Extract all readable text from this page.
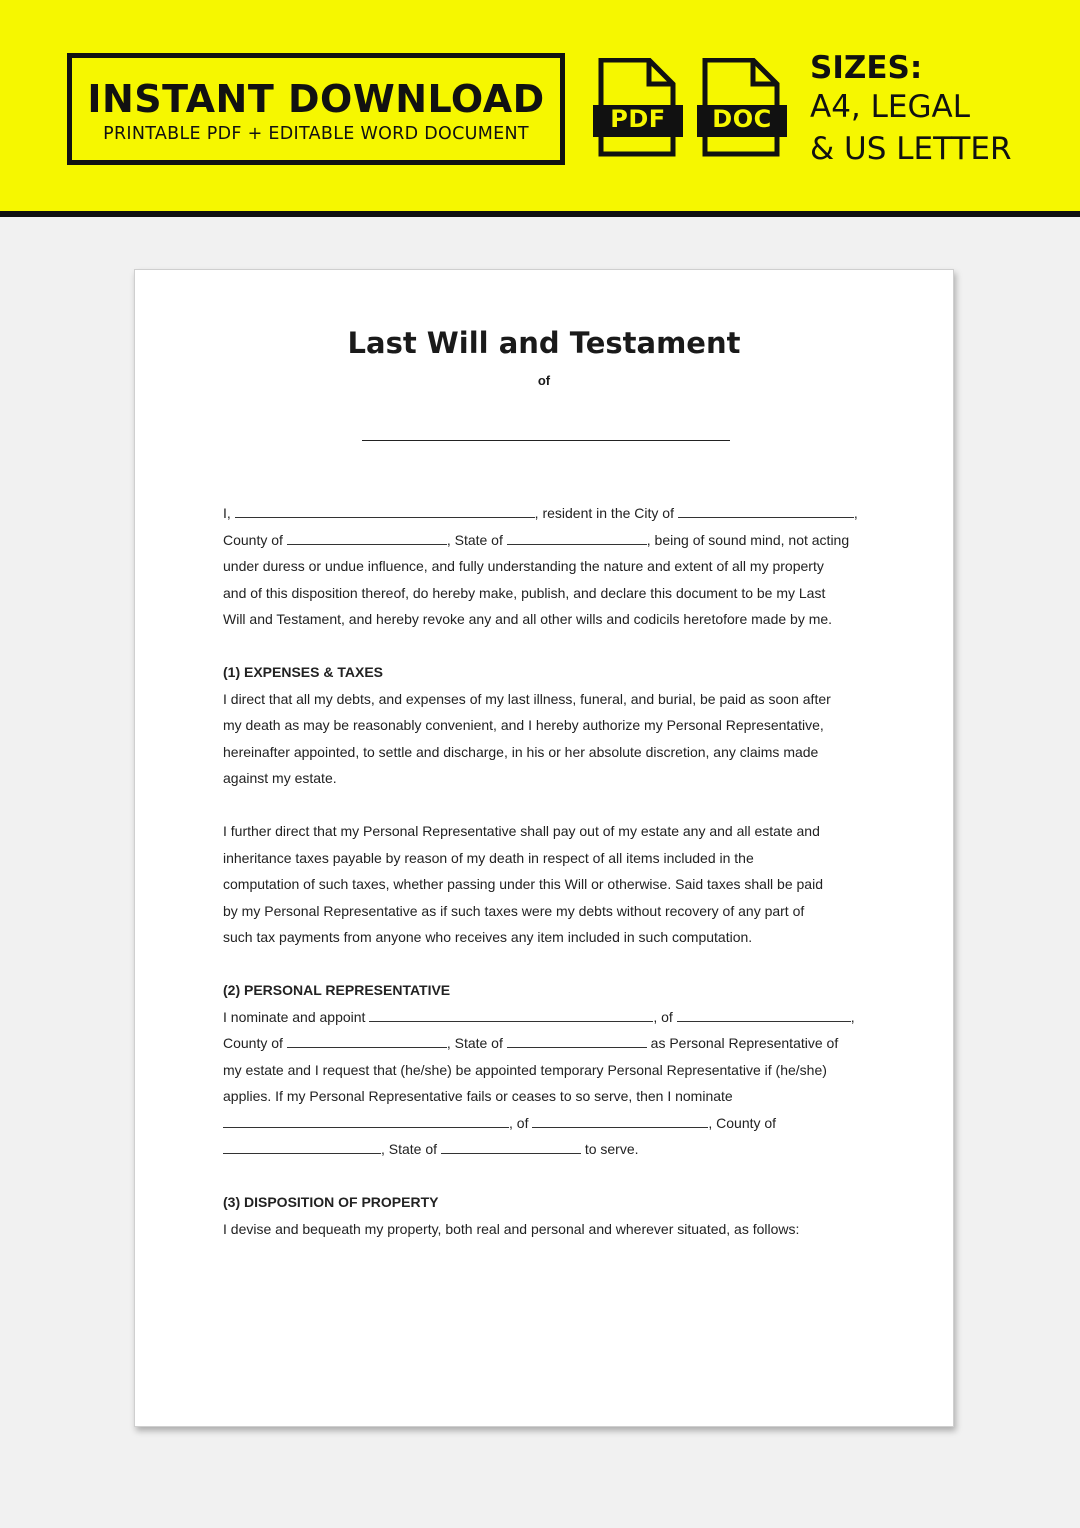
INSTANT DOWNLOAD
PRINTABLE PDF + EDITABLE WORD DOCUMENT
PDF	DOC
SIZES:
A4, LEGAL
& US LETTER
Last Will and Testament
of
I,	, resident in the City of	,
County of	, State of	, being of sound mind, not acting
under duress or undue influence, and fully understanding the nature and extent of all my property
and of this disposition thereof, do hereby make, publish, and declare this document to be my Last
Will and Testament, and hereby revoke any and all other wills and codicils heretofore made by me.
(1) EXPENSES & TAXES
I direct that all my debts, and expenses of my last illness, funeral, and burial, be paid as soon after
my death as may be reasonably convenient, and I hereby authorize my Personal Representative,
hereinafter appointed, to settle and discharge, in his or her absolute discretion, any claims made
against my estate.
I further direct that my Personal Representative shall pay out of my estate any and all estate and
inheritance taxes payable by reason of my death in respect of all items included in the
computation of such taxes, whether passing under this Will or otherwise. Said taxes shall be paid
by my Personal Representative as if such taxes were my debts without recovery of any part of
such tax payments from anyone who receives any item included in such computation.
(2) PERSONAL REPRESENTATIVE
I nominate and appoint	, of	,
County of	, State of	as Personal Representative of
my estate and I request that (he/she) be appointed temporary Personal Representative if (he/she)
applies. If my Personal Representative fails or ceases to so serve, then I nominate
, of	, County of
, State of	to serve.
(3) DISPOSITION OF PROPERTY
I devise and bequeath my property, both real and personal and wherever situated, as follows:
